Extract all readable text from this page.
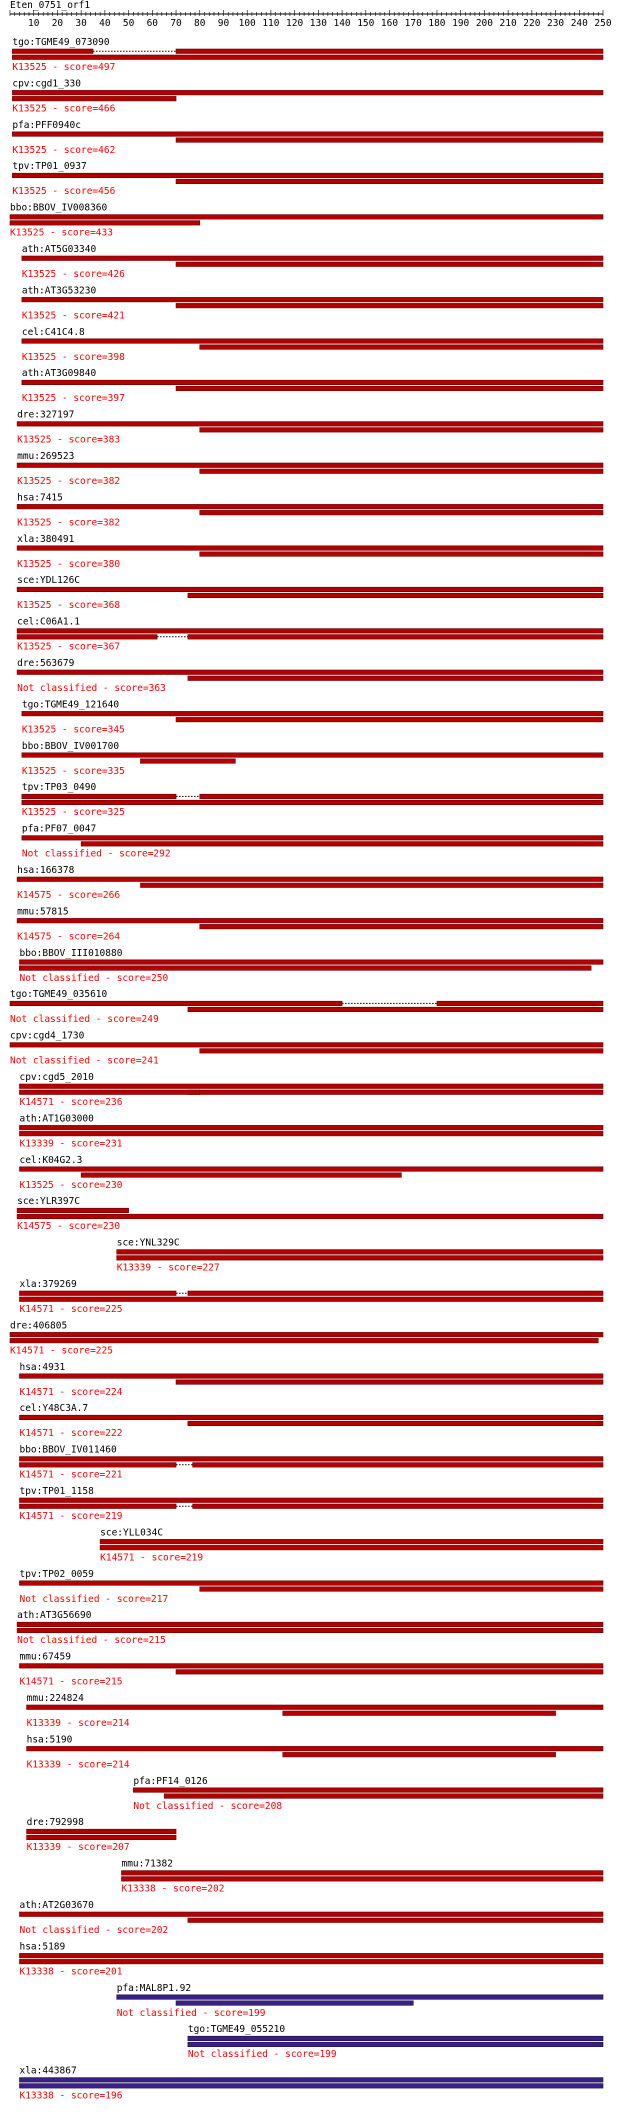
Eten_0751_orf1
10 20 30 40 50 60 70 80 90 100 110 120 130 140 150 160 170 180 190 200 210 220 230 240 250
tgo:TGME49_073090
K13525 - score=497
cpv:cgd1_330
K13525 - score=466
pfa:PFF0940c
K13525 - score=462
tpv:TP01_0937
K13525 - score=456
bbo:BBOV_IV008360
K13525 - score=433
ath:AT5G03340
K13525 - score=426
ath:AT3G53230
K13525 - score=421
cel:C41C4.8
K13525 - score=398
ath:AT3G09840
K13525 - score=397
dre:327197
K13525 - score=383
mmu:269523
K13525 - score=382
hsa:7415
K13525 - score=382
xla:380491
K13525 - score=380
sce:YDL126C
K13525 - score=368
cel:C06A1.1
K13525 - score=367
dre:563679
Not classified - score=363
tgo:TGME49_121640
K13525 - score=345
bbo:BBOV_IV001700
K13525 - score=335
tpv:TP03_0490
K13525 - score=325
pfa:PF07_0047
Not classified - score=292
hsa:166378
K14575 - score=266
mmu:57815
K14575 - score=264
bbo:BBOV_III010880
Not classified - score=250
tgo:TGME49_035610
Not classified - score=249
cpv:cgd4_1730
Not classified - score=241
cpv:cgd5_2010
K14571 - score=236
ath:AT1G03000
K13339 - score=231
cel:K04G2.3
K13525 - score=230
sce:YLR397C
K14575 - score=230
sce:YNL329C
K13339 - score=227
xla:379269
K14571 - score=225
dre:406805
K14571 - score=225
hsa:4931
K14571 - score=224
cel:Y48C3A.7
K14571 - score=222
bbo:BBOV_IV011460
K14571 - score=221
tpv:TP01_1158
K14571 - score=219
sce:YLL034C
K14571 - score=219
tpv:TP02_0059
Not classified - score=217
ath:AT3G56690
Not classified - score=215
mmu:67459
K14571 - score=215
mmu:224824
K13339 - score=214
hsa:5190
K13339 - score=214
pfa:PF14_0126
Not classified - score=208
dre:792998
K13339 - score=207
mmu:71382
K13338 - score=202
ath:AT2G03670
Not classified - score=202
hsa:5189
K13338 - score=201
pfa:MAL8P1.92
Not classified - score=199
tgo:TGME49_055210
Not classified - score=199
xla:443867
K13338 - score=196
